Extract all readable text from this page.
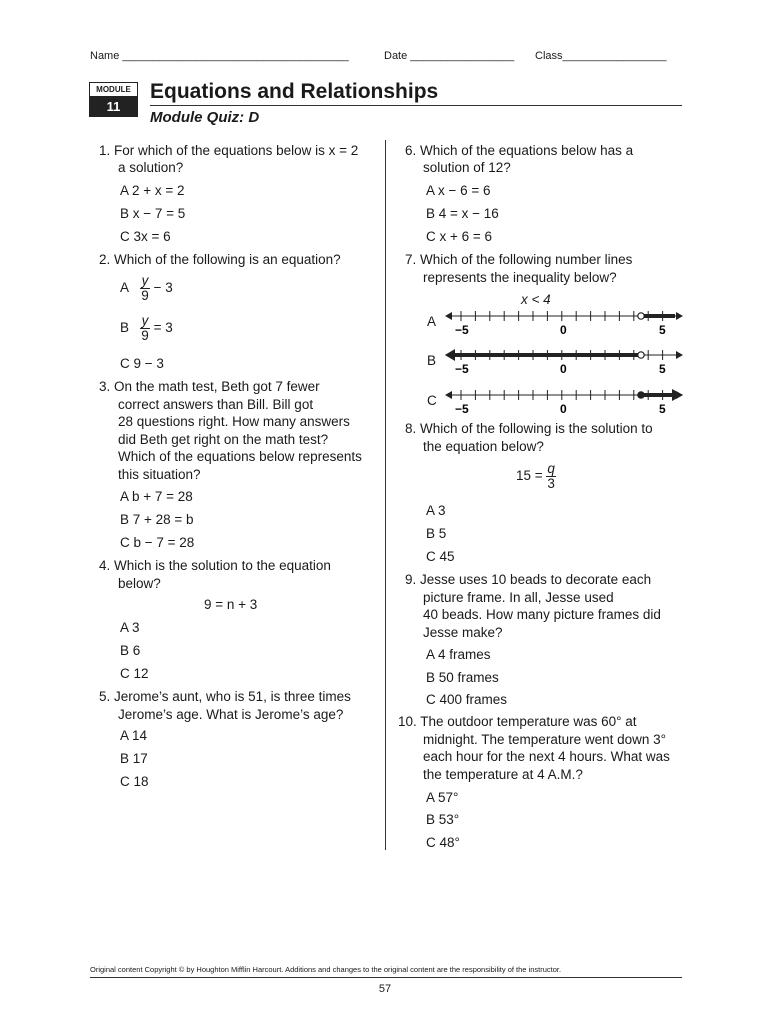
Name _____________________________________	Date _________________ Class_________________
MODULE
11
Equations and Relationships
Module Quiz: D
1. For which of the equations below is x = 2
a solution?
A 2 + x = 2
B x − 7 = 5
C 3x = 6
2. Which of the following is an equation?
A $\frac{y}{9} - 3$
B $\frac{y}{9} = 3$
C 9 − 3
3. On the math test, Beth got 7 fewer
correct answers than Bill. Bill got
28 questions right. How many answers
did Beth get right on the math test?
Which of the equations below represents
this situation?
A b + 7 = 28
B 7 + 28 = b
C b − 7 = 28
4. Which is the solution to the equation
below?
9 = n + 3
A 3
B 6
C 12
5. Jerome’s aunt, who is 51, is three times
Jerome’s age. What is Jerome’s age?
A 14
B 17
C 18
6. Which of the equations below has a
solution of 12?
A x − 6 = 6
B 4 = x − 16
C x + 6 = 6
7. Which of the following number lines
represents the inequality below?
x < 4
A
B
C
−5	0	5
−5	0	5
−5	0	5
8. Which of the following is the solution to
the equation below?
$15 = \frac{q}{3}$
A 3
B 5
C 45
9. Jesse uses 10 beads to decorate each
picture frame. In all, Jesse used
40 beads. How many picture frames did
Jesse make?
A 4 frames
B 50 frames
C 400 frames
10. The outdoor temperature was 60° at
midnight. The temperature went down 3°
each hour for the next 4 hours. What was
the temperature at 4 A.M.?
A 57°
B 53°
C 48°
Original content Copyright © by Houghton Mifflin Harcourt. Additions and changes to the original content are the responsibility of the instructor.
57
